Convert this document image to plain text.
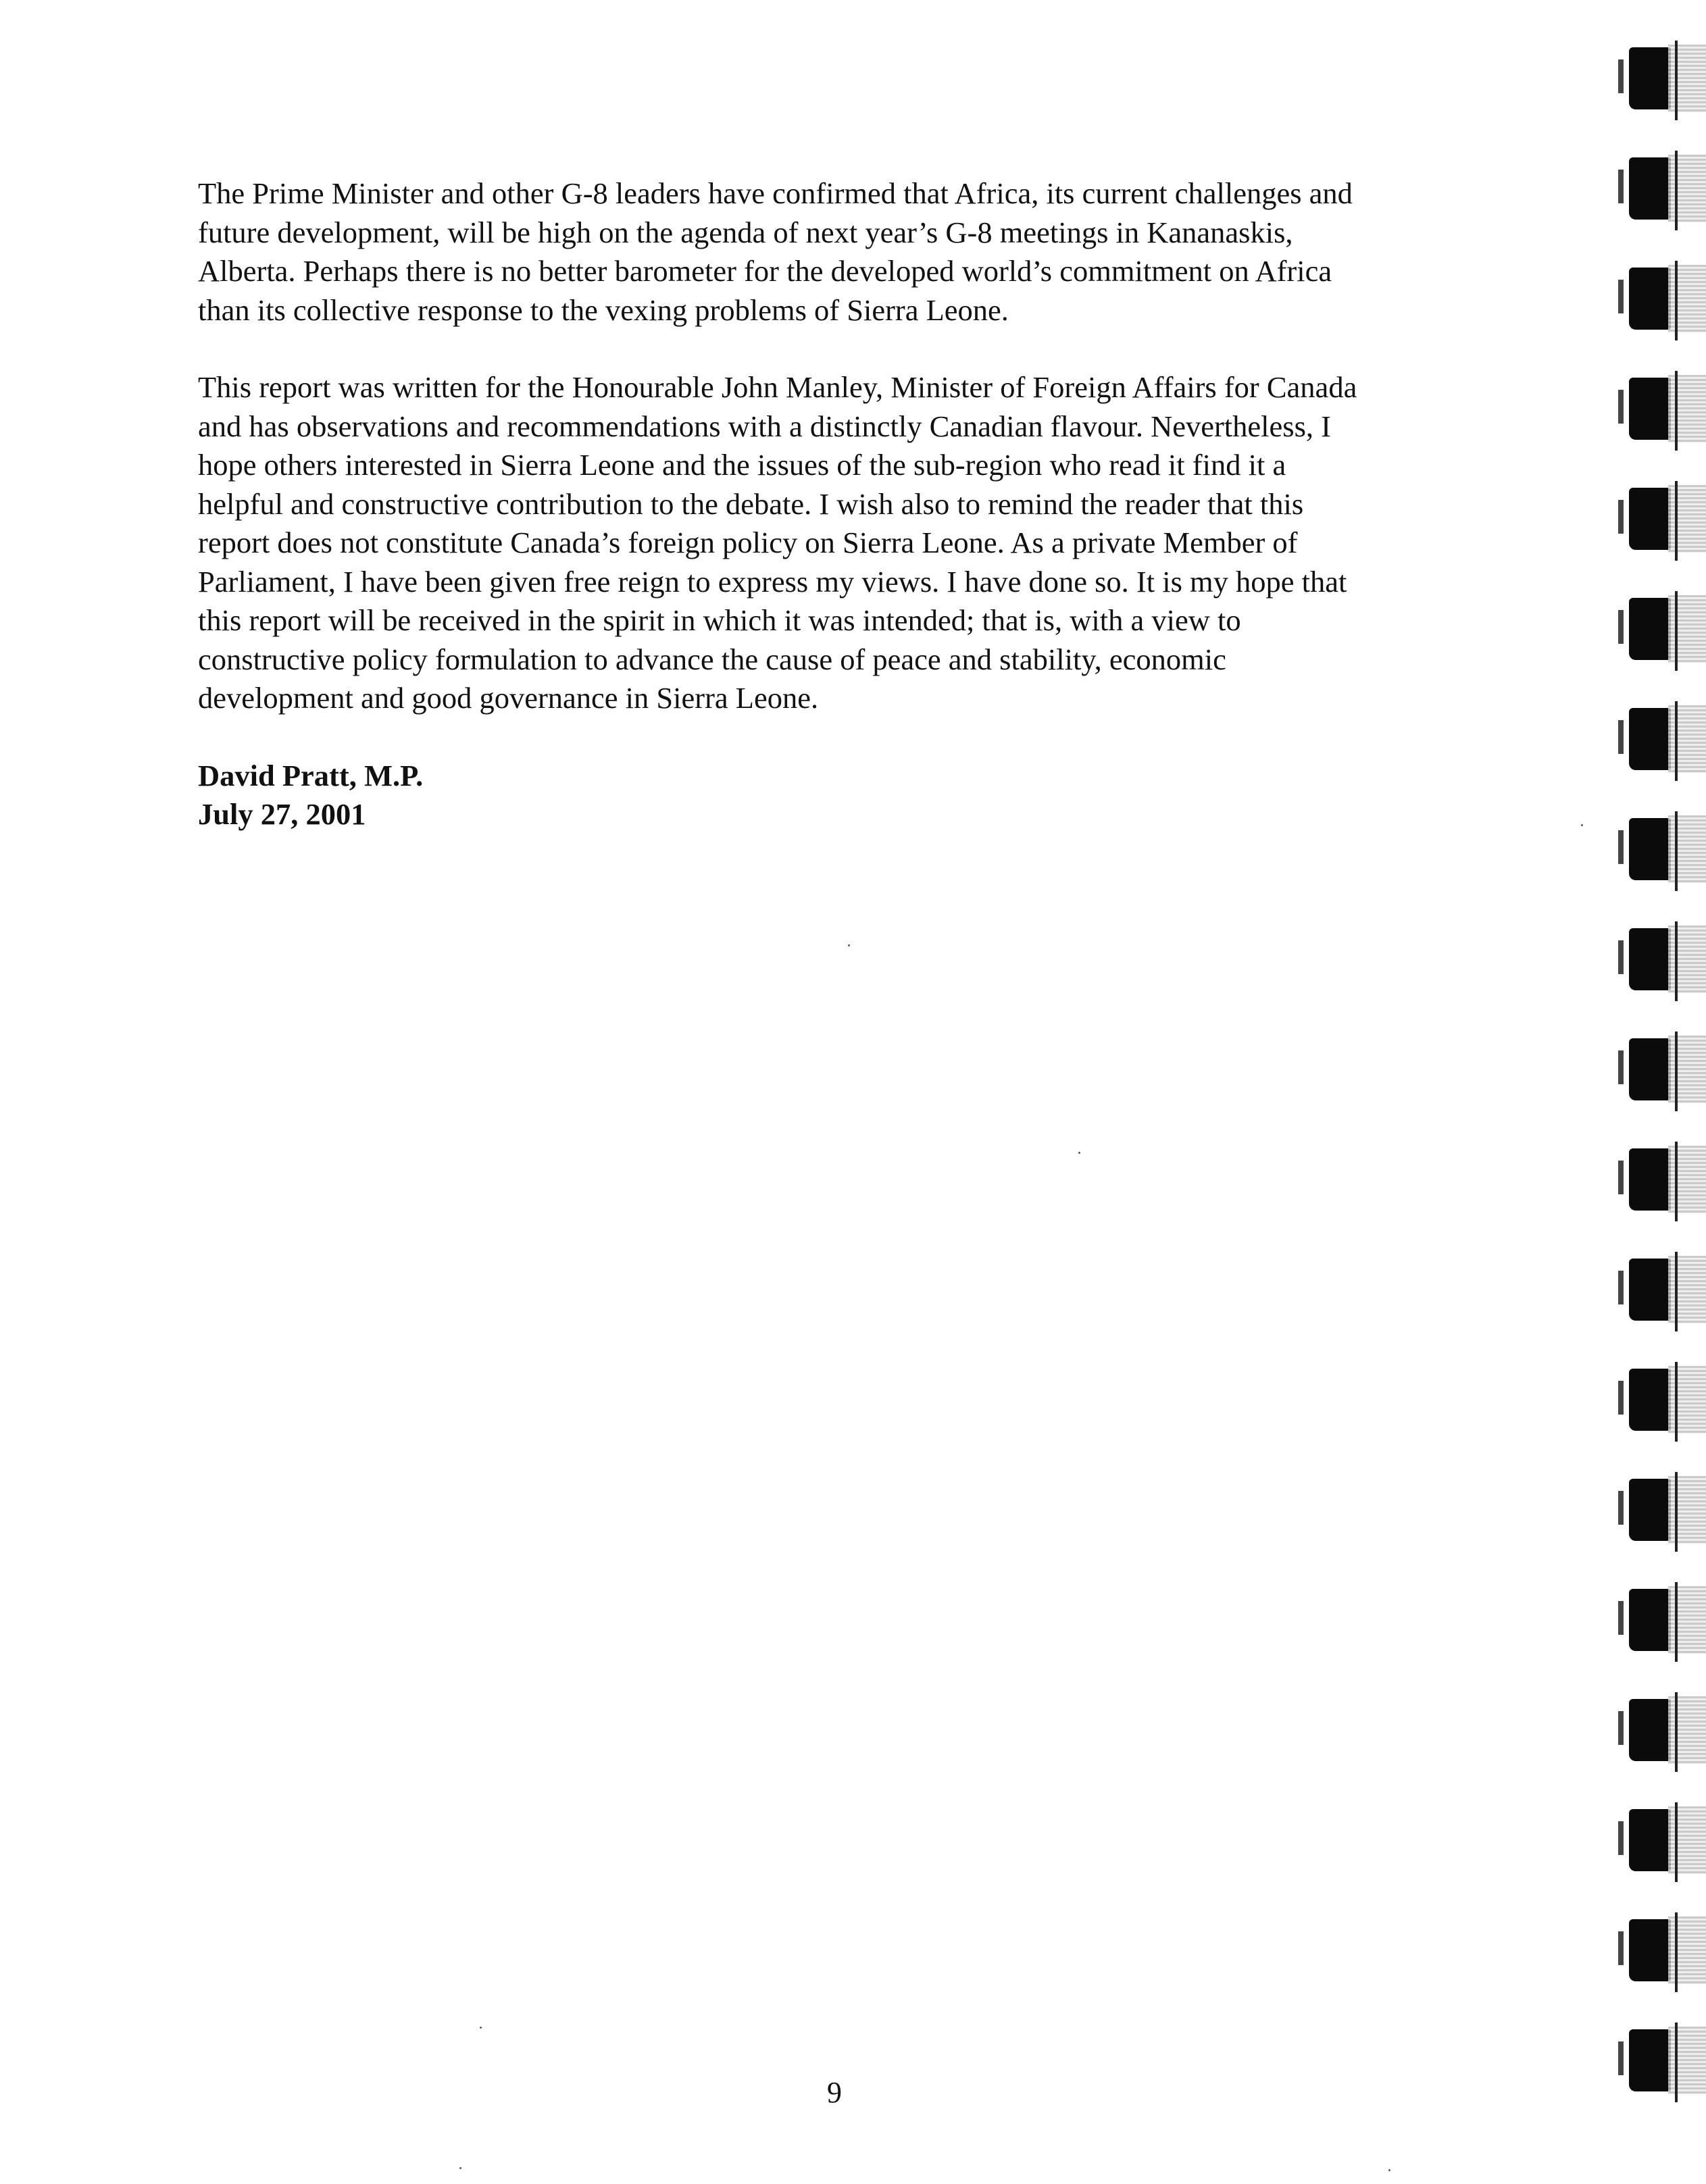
The Prime Minister and other G-8 leaders have confirmed that Africa, its current challenges and
future development, will be high on the agenda of next year’s G-8 meetings in Kananaskis,
Alberta. Perhaps there is no better barometer for the developed world’s commitment on Africa
than its collective response to the vexing problems of Sierra Leone.

This report was written for the Honourable John Manley, Minister of Foreign Affairs for Canada
and has observations and recommendations with a distinctly Canadian flavour. Nevertheless, I
hope others interested in Sierra Leone and the issues of the sub-region who read it find it a
helpful and constructive contribution to the debate. I wish also to remind the reader that this
report does not constitute Canada’s foreign policy on Sierra Leone. As a private Member of
Parliament, I have been given free reign to express my views. I have done so. It is my hope that
this report will be received in the spirit in which it was intended; that is, with a view to
constructive policy formulation to advance the cause of peace and stability, economic
development and good governance in Sierra Leone.

David Pratt, M.P.
July 27, 2001
9
